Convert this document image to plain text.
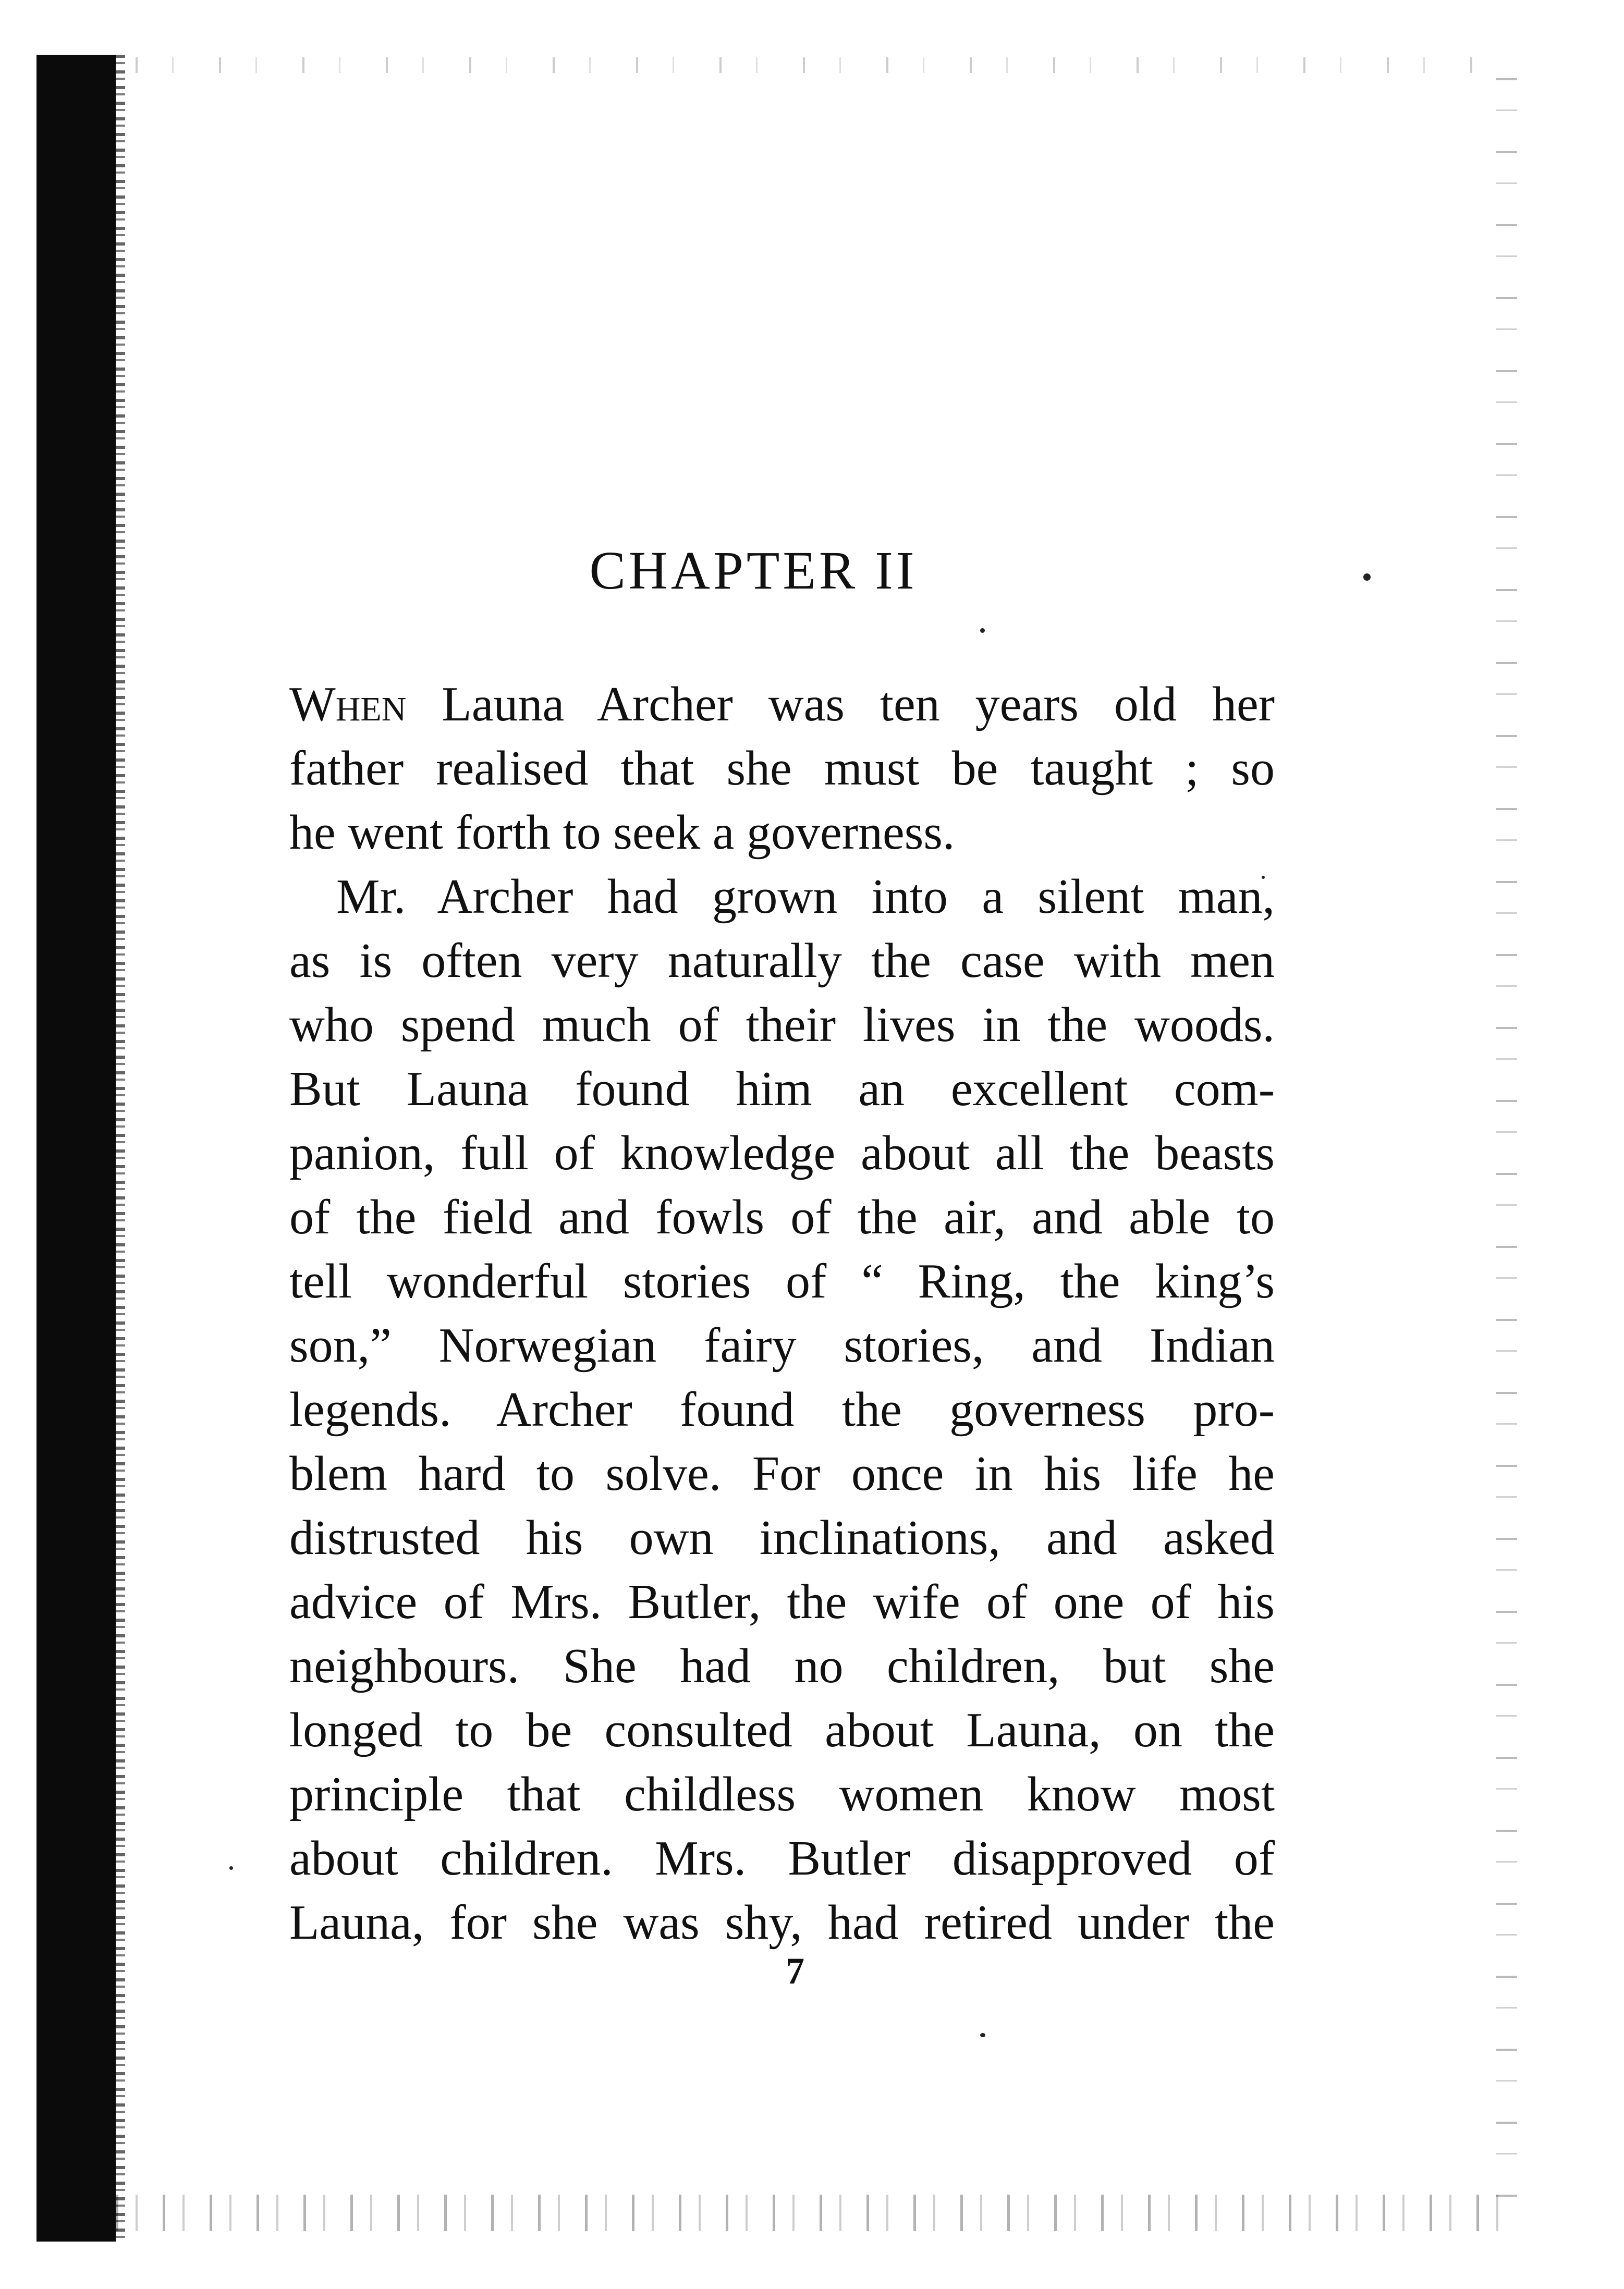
CHAPTER II
When Launa Archer was ten years old her
father realised that she must be taught ; so
he went forth to seek a governess.
Mr. Archer had grown into a silent man,
as is often very naturally the case with men
who spend much of their lives in the woods.
But Launa found him an excellent com-
panion, full of knowledge about all the beasts
of the field and fowls of the air, and able to
tell wonderful stories of “ Ring, the king’s
son,” Norwegian fairy stories, and Indian
legends. Archer found the governess pro-
blem hard to solve. For once in his life he
distrusted his own inclinations, and asked
advice of Mrs. Butler, the wife of one of his
neighbours. She had no children, but she
longed to be consulted about Launa, on the
principle that childless women know most
about children. Mrs. Butler disapproved of
Launa, for she was shy, had retired under the
7
